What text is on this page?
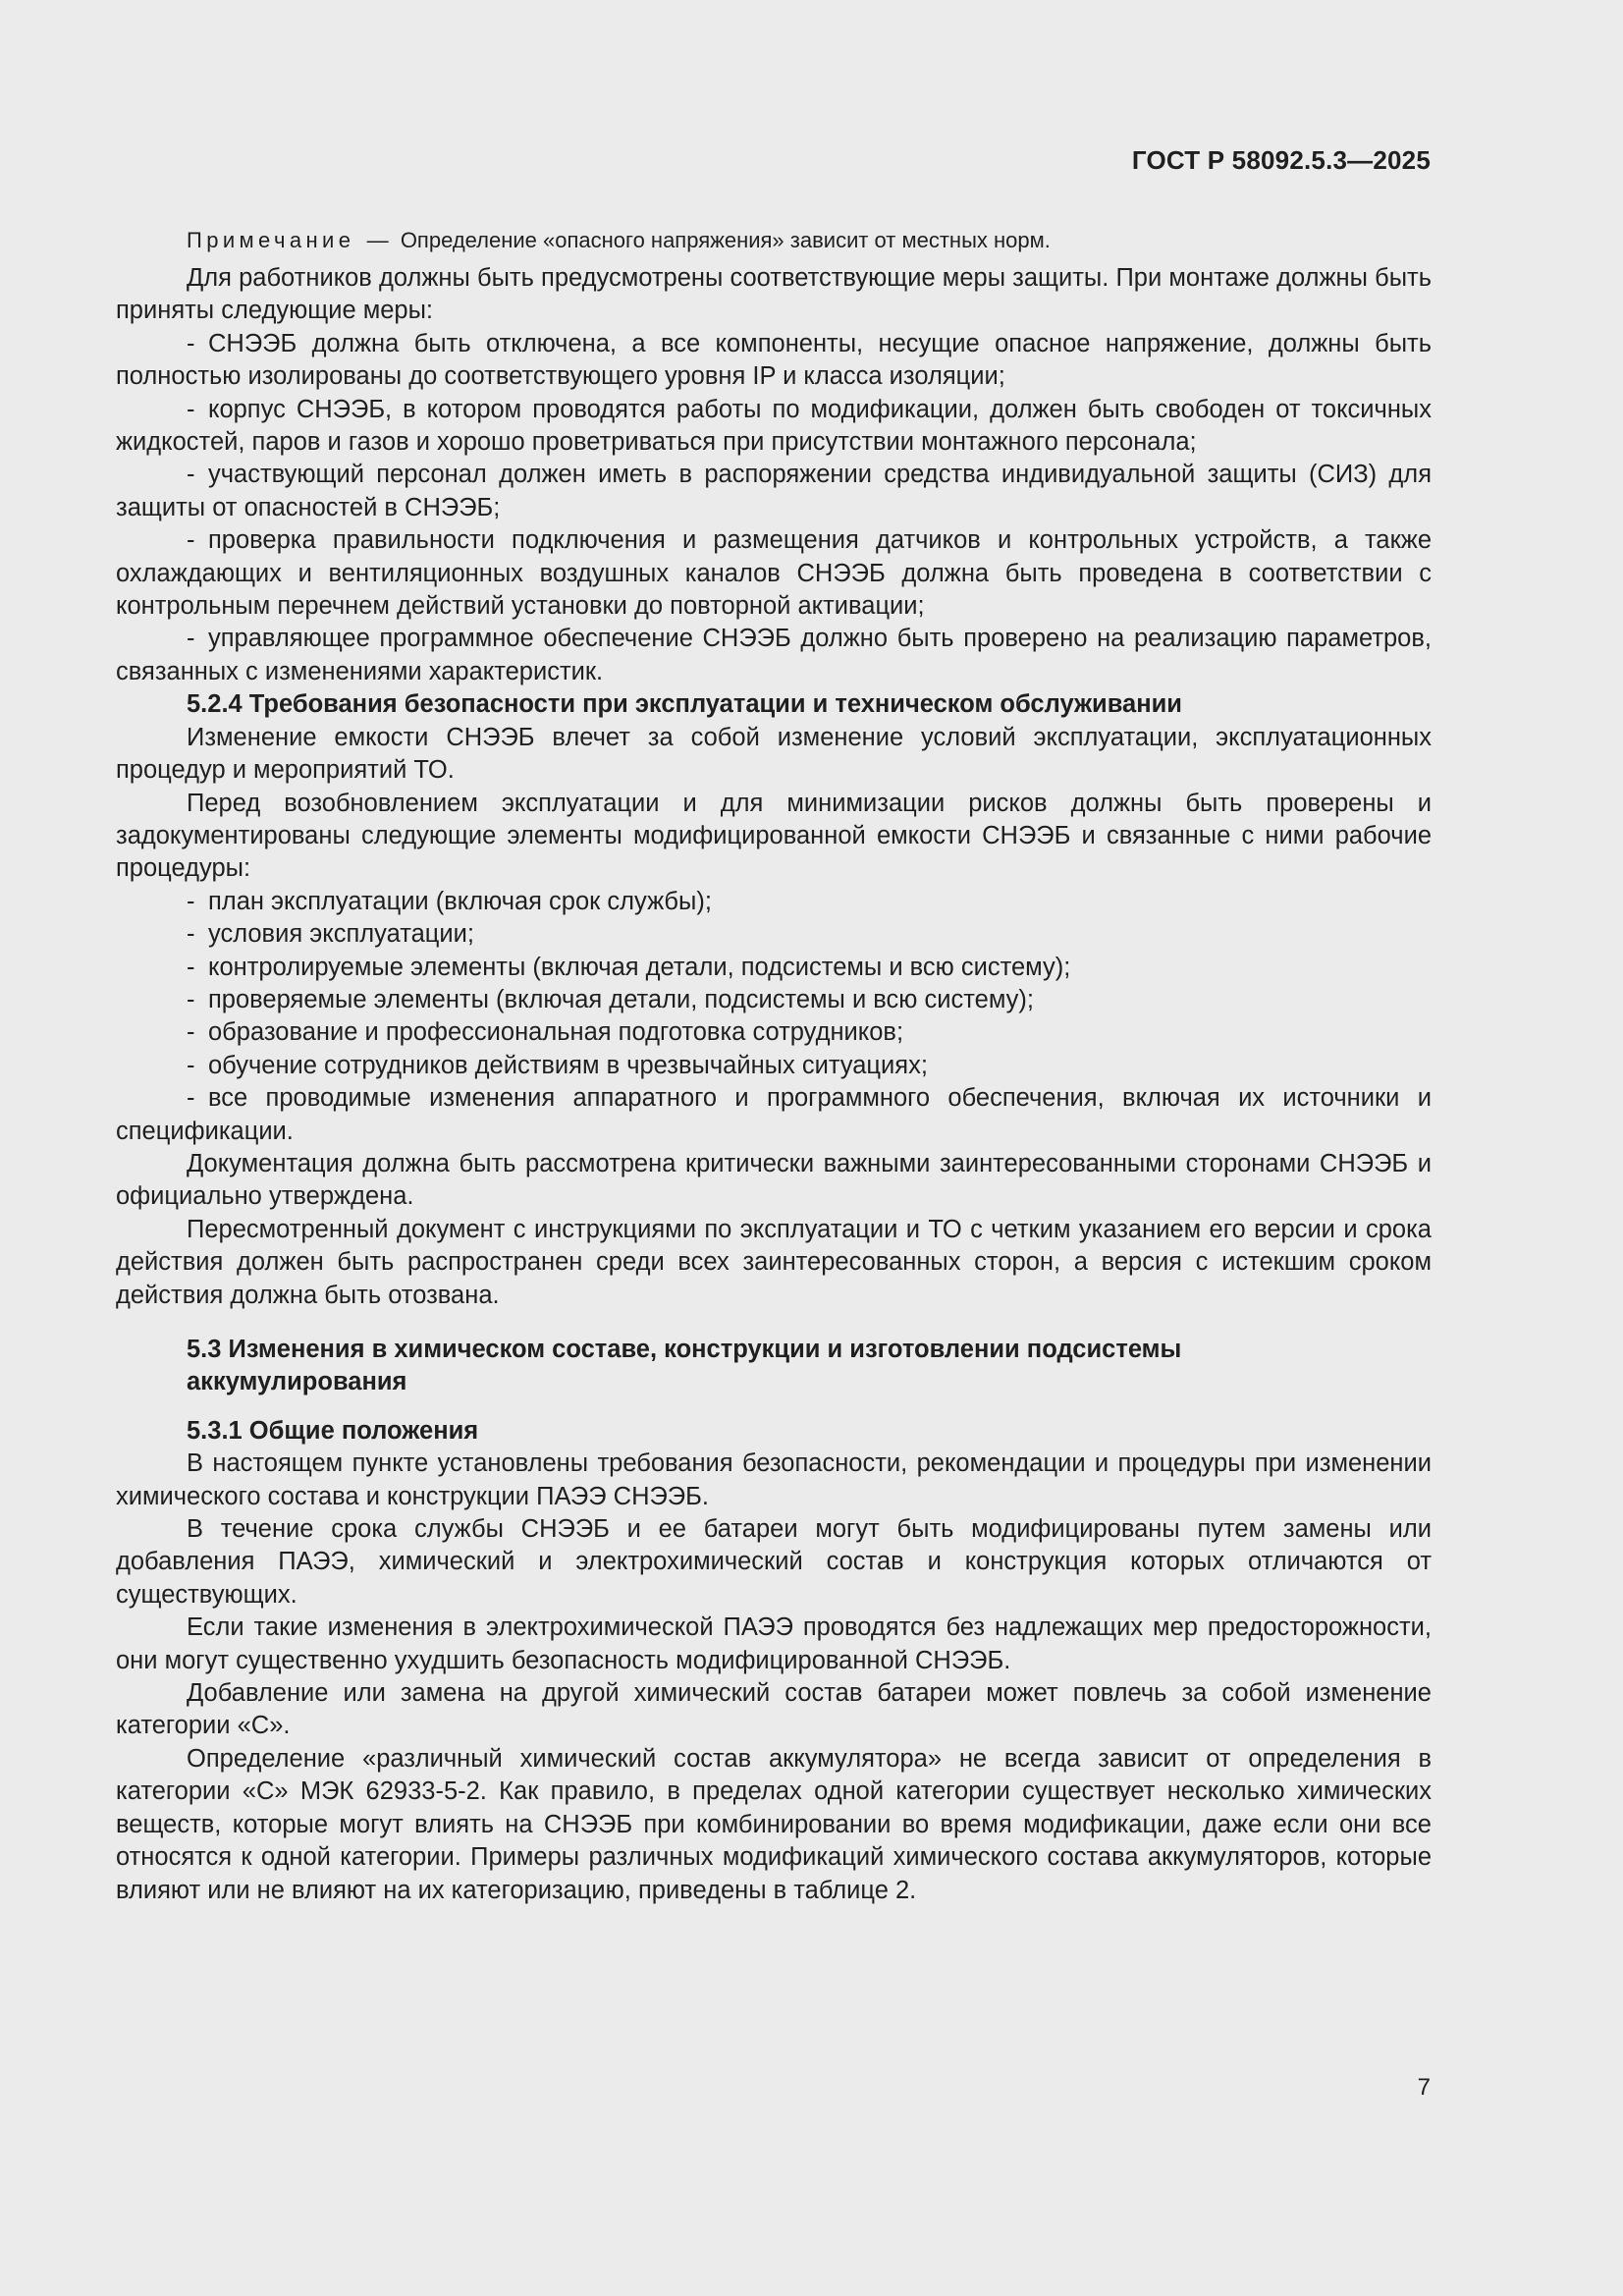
ГОСТ Р 58092.5.3—2025

Примечание — Определение «опасного напряжения» зависит от местных норм.

Для работников должны быть предусмотрены соответствующие меры защиты. При монтаже должны быть приняты следующие меры:

- СНЭЭБ должна быть отключена, а все компоненты, несущие опасное напряжение, должны быть полностью изолированы до соответствующего уровня IP и класса изоляции;

- корпус СНЭЭБ, в котором проводятся работы по модификации, должен быть свободен от токсичных жидкостей, паров и газов и хорошо проветриваться при присутствии монтажного персонала;

- участвующий персонал должен иметь в распоряжении средства индивидуальной защиты (СИЗ) для защиты от опасностей в СНЭЭБ;

- проверка правильности подключения и размещения датчиков и контрольных устройств, а также охлаждающих и вентиляционных воздушных каналов СНЭЭБ должна быть проведена в соответствии с контрольным перечнем действий установки до повторной активации;

- управляющее программное обеспечение СНЭЭБ должно быть проверено на реализацию параметров, связанных с изменениями характеристик.

5.2.4 Требования безопасности при эксплуатации и техническом обслуживании

Изменение емкости СНЭЭБ влечет за собой изменение условий эксплуатации, эксплуатационных процедур и мероприятий ТО.

Перед возобновлением эксплуатации и для минимизации рисков должны быть проверены и задокументированы следующие элементы модифицированной емкости СНЭЭБ и связанные с ними рабочие процедуры:

- план эксплуатации (включая срок службы);

- условия эксплуатации;

- контролируемые элементы (включая детали, подсистемы и всю систему);

- проверяемые элементы (включая детали, подсистемы и всю систему);

- образование и профессиональная подготовка сотрудников;

- обучение сотрудников действиям в чрезвычайных ситуациях;

- все проводимые изменения аппаратного и программного обеспечения, включая их источники и спецификации.

Документация должна быть рассмотрена критически важными заинтересованными сторонами СНЭЭБ и официально утверждена.

Пересмотренный документ с инструкциями по эксплуатации и ТО с четким указанием его версии и срока действия должен быть распространен среди всех заинтересованных сторон, а версия с истекшим сроком действия должна быть отозвана.

5.3 Изменения в химическом составе, конструкции и изготовлении подсистемы аккумулирования

5.3.1 Общие положения

В настоящем пункте установлены требования безопасности, рекомендации и процедуры при изменении химического состава и конструкции ПАЭЭ СНЭЭБ.

В течение срока службы СНЭЭБ и ее батареи могут быть модифицированы путем замены или добавления ПАЭЭ, химический и электрохимический состав и конструкция которых отличаются от существующих.

Если такие изменения в электрохимической ПАЭЭ проводятся без надлежащих мер предосторожности, они могут существенно ухудшить безопасность модифицированной СНЭЭБ.

Добавление или замена на другой химический состав батареи может повлечь за собой изменение категории «С».

Определение «различный химический состав аккумулятора» не всегда зависит от определения в категории «С» МЭК 62933-5-2. Как правило, в пределах одной категории существует несколько химических веществ, которые могут влиять на СНЭЭБ при комбинировании во время модификации, даже если они все относятся к одной категории. Примеры различных модификаций химического состава аккумуляторов, которые влияют или не влияют на их категоризацию, приведены в таблице 2.

7
